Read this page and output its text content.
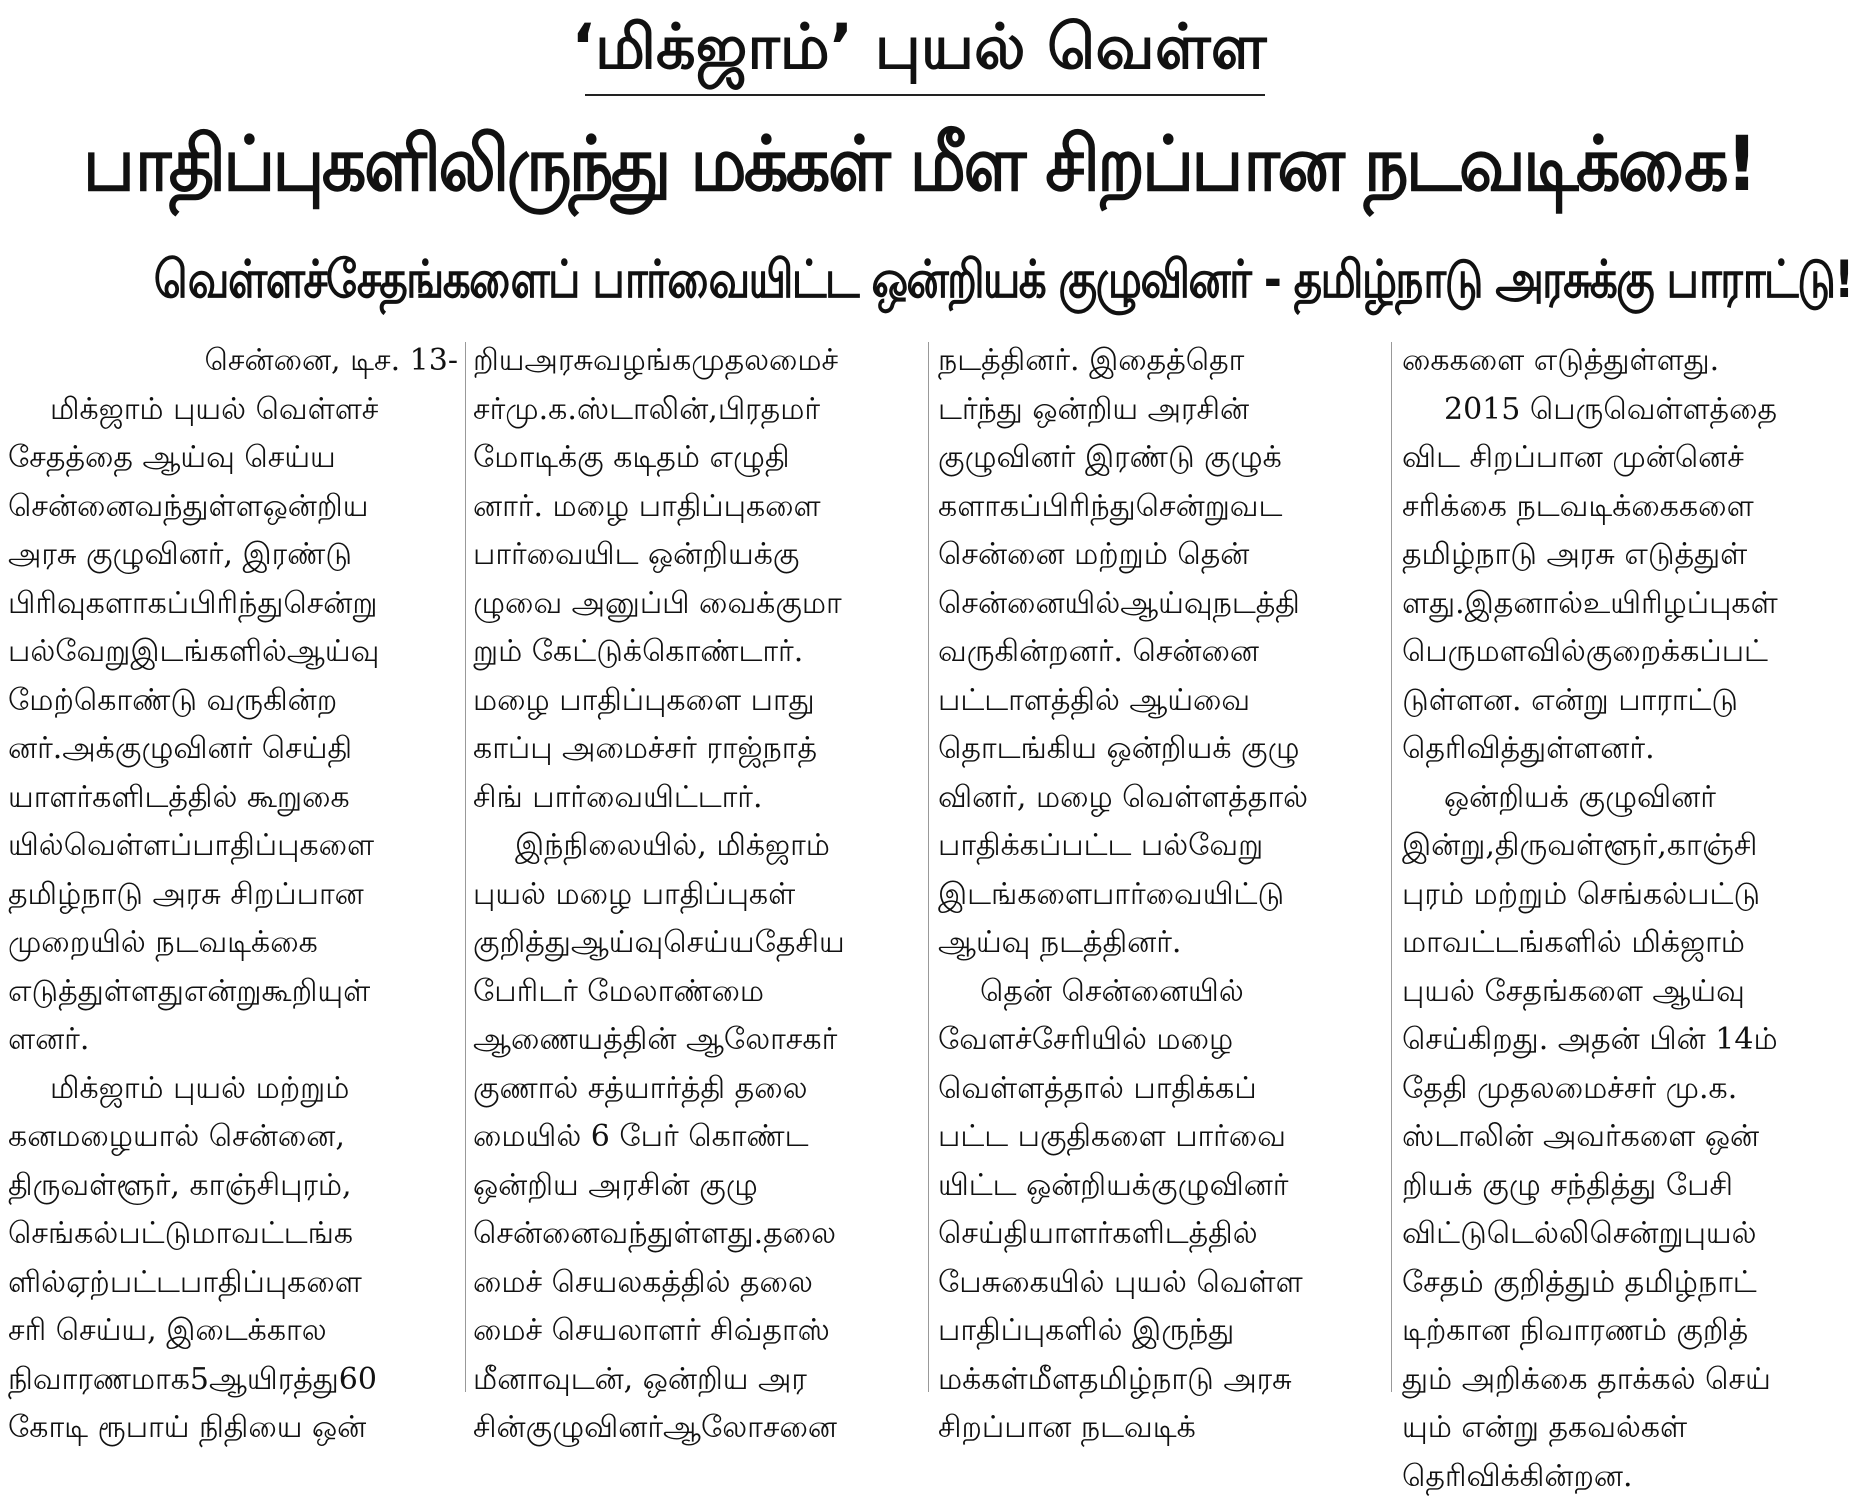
‘மிக்ஜாம்’ புயல் வெள்ள
பாதிப்புகளிலிருந்து மக்கள் மீள சிறப்பான நடவடிக்கை!
வெள்ளச்சேதங்களைப் பார்வையிட்ட ஒன்றியக் குழுவினர் - தமிழ்நாடு அரசுக்கு பாராட்டு!
சென்னை, டிச. 13-
மிக்ஜாம் புயல் வெள்ளச்
சேதத்தை ஆய்வு செய்ய
சென்னைவந்துள்ளஒன்றிய
அரசு குழுவினர், இரண்டு
பிரிவுகளாகப்பிரிந்துசென்று
பல்வேறுஇடங்களில்ஆய்வு
மேற்கொண்டு வருகின்ற
னர்.அக்குழுவினர் செய்தி
யாளர்களிடத்தில் கூறுகை
யில்வெள்ளப்பாதிப்புகளை
தமிழ்நாடு அரசு சிறப்பான
முறையில் நடவடிக்கை
எடுத்துள்ளதுஎன்றுகூறியுள்
ளனர்.
மிக்ஜாம் புயல் மற்றும்
கனமழையால் சென்னை,
திருவள்ளூர், காஞ்சிபுரம்,
செங்கல்பட்டுமாவட்டங்க
ளில்ஏற்பட்டபாதிப்புகளை
சரி செய்ய, இடைக்கால
நிவாரணமாக5ஆயிரத்து60
கோடி ரூபாய் நிதியை ஒன்
றியஅரசுவழங்கமுதலமைச்
சர்மு.க.ஸ்டாலின்,பிரதமர்
மோடிக்கு கடிதம் எழுதி
னார். மழை பாதிப்புகளை
பார்வையிட ஒன்றியக்கு
ழுவை அனுப்பி வைக்குமா
றும் கேட்டுக்கொண்டார்.
மழை பாதிப்புகளை பாது
காப்பு அமைச்சர் ராஜ்நாத்
சிங் பார்வையிட்டார்.
இந்நிலையில், மிக்ஜாம்
புயல் மழை பாதிப்புகள்
குறித்துஆய்வுசெய்யதேசிய
பேரிடர் மேலாண்மை
ஆணையத்தின் ஆலோசகர்
குணால் சத்யார்த்தி தலை
மையில் 6 பேர் கொண்ட
ஒன்றிய அரசின் குழு
சென்னைவந்துள்ளது.தலை
மைச் செயலகத்தில் தலை
மைச் செயலாளர் சிவ்தாஸ்
மீனாவுடன், ஒன்றிய அர
சின்குழுவினர்ஆலோசனை
நடத்தினர். இதைத்தொ
டர்ந்து ஒன்றிய அரசின்
குழுவினர் இரண்டு குழுக்
களாகப்பிரிந்துசென்றுவட
சென்னை மற்றும் தென்
சென்னையில்ஆய்வுநடத்தி
வருகின்றனர். சென்னை
பட்டாளத்தில் ஆய்வை
தொடங்கிய ஒன்றியக் குழு
வினர், மழை வெள்ளத்தால்
பாதிக்கப்பட்ட பல்வேறு
இடங்களைபார்வையிட்டு
ஆய்வு நடத்தினர்.
தென் சென்னையில்
வேளச்சேரியில் மழை
வெள்ளத்தால் பாதிக்கப்
பட்ட பகுதிகளை பார்வை
யிட்ட ஒன்றியக்குழுவினர்
செய்தியாளர்களிடத்தில்
பேசுகையில் புயல் வெள்ள
பாதிப்புகளில் இருந்து
மக்கள்மீளதமிழ்நாடு அரசு
சிறப்பான நடவடிக்
கைகளை எடுத்துள்ளது.
2015 பெருவெள்ளத்தை
விட சிறப்பான முன்னெச்
சரிக்கை நடவடிக்கைகளை
தமிழ்நாடு அரசு எடுத்துள்
ளது.இதனால்உயிரிழப்புகள்
பெருமளவில்குறைக்கப்பட்
டுள்ளன. என்று பாராட்டு
தெரிவித்துள்ளனர்.
ஒன்றியக் குழுவினர்
இன்று,திருவள்ளூர்,காஞ்சி
புரம் மற்றும் செங்கல்பட்டு
மாவட்டங்களில் மிக்ஜாம்
புயல் சேதங்களை ஆய்வு
செய்கிறது. அதன் பின் 14ம்
தேதி முதலமைச்சர் மு.க.
ஸ்டாலின் அவர்களை ஒன்
றியக் குழு சந்தித்து பேசி
விட்டுடெல்லிசென்றுபுயல்
சேதம் குறித்தும் தமிழ்நாட்
டிற்கான நிவாரணம் குறித்
தும் அறிக்கை தாக்கல் செய்
யும் என்று தகவல்கள்
தெரிவிக்கின்றன.
